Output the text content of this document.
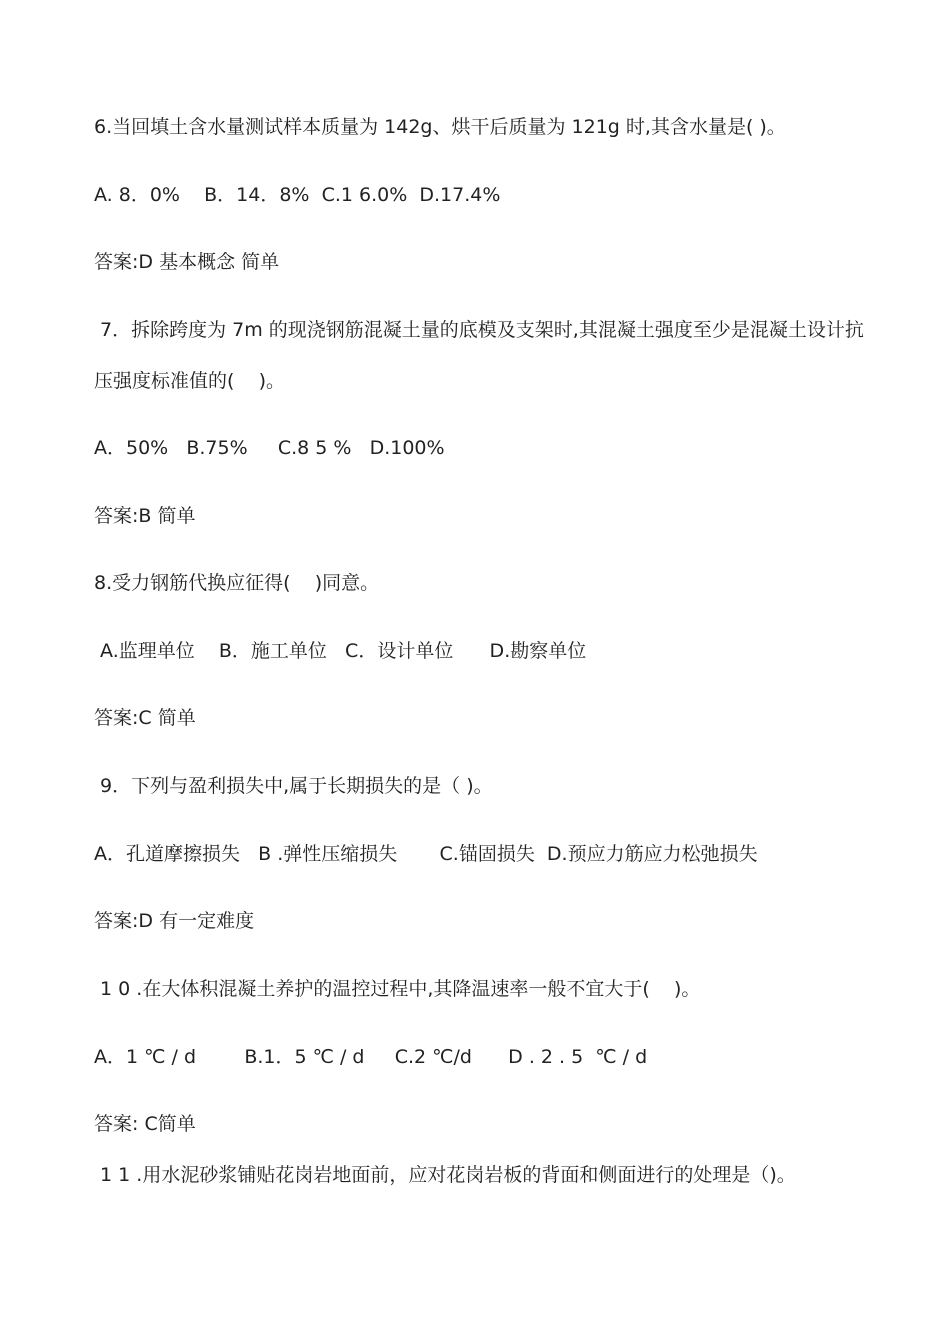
6.当回填土含水量测试样本质量为 142g、烘干后质量为 121g 时,其含水量是( )。
A. 8．0%    B．14．8%  C.1 6.0%  D.17.4%
答案:D 基本概念 简单
7．拆除跨度为 7m 的现浇钢筋混凝土量的底模及支架时,其混凝土强度至少是混凝土设计抗
压强度标准值的(    )。
A．50%   B.75%     C.8 5 %   D.100%
答案:B 简单
8.受力钢筋代换应征得(    )同意。
A.监理单位    B．施工单位   C．设计单位      D.勘察单位
答案:C 简单
9．下列与盈利损失中,属于长期损失的是（ )。
A．孔道摩擦损失   B .弹性压缩损失       C.锚固损失  D.预应力筋应力松弛损失
答案:D 有一定难度
1 0 .在大体积混凝土养护的温控过程中,其降温速率一般不宜大于(    )。
A．1 ℃ / d        B.1．5 ℃ / d     C.2 ℃/d      D . 2 . 5  ℃ / d
答案: C简单
1 1 .用水泥砂浆铺贴花岗岩地面前，应对花岗岩板的背面和侧面进行的处理是（)。
